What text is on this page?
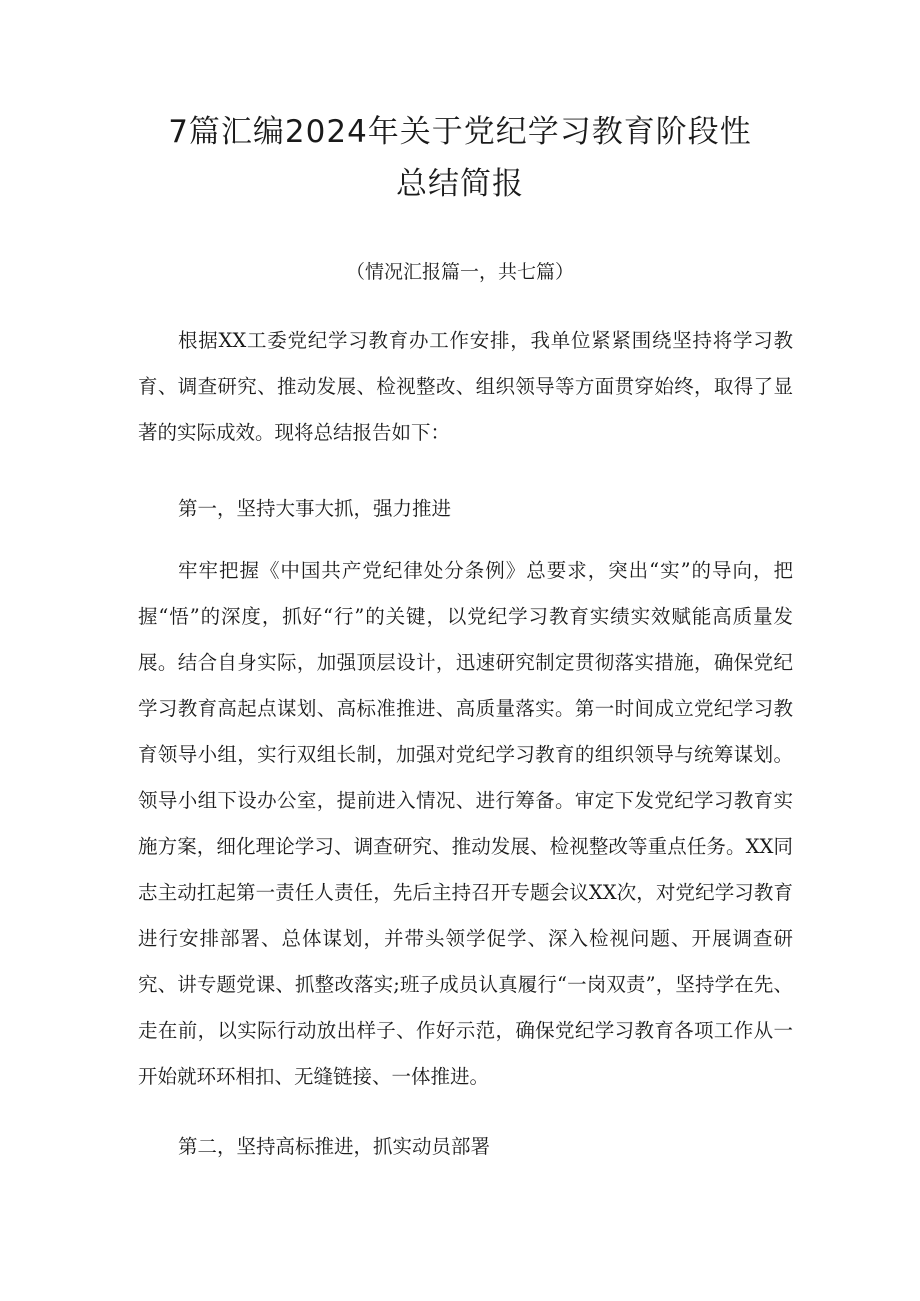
7篇汇编2024年关于党纪学习教育阶段性
总结简报
（情况汇报篇一，共七篇）

根据XX工委党纪学习教育办工作安排，我单位紧紧围绕坚持将学习教育、调查研究、推动发展、检视整改、组织领导等方面贯穿始终，取得了显著的实际成效。现将总结报告如下：

第一，坚持大事大抓，强力推进

牢牢把握《中国共产党纪律处分条例》总要求，突出“实”的导向，把握“悟”的深度，抓好“行”的关键，以党纪学习教育实绩实效赋能高质量发展。结合自身实际，加强顶层设计，迅速研究制定贯彻落实措施，确保党纪学习教育高起点谋划、高标准推进、高质量落实。第一时间成立党纪学习教育领导小组，实行双组长制，加强对党纪学习教育的组织领导与统筹谋划。领导小组下设办公室，提前进入情况、进行筹备。审定下发党纪学习教育实施方案，细化理论学习、调查研究、推动发展、检视整改等重点任务。XX同志主动扛起第一责任人责任，先后主持召开专题会议XX次，对党纪学习教育进行安排部署、总体谋划，并带头领学促学、深入检视问题、开展调查研究、讲专题党课、抓整改落实;班子成员认真履行“一岗双责”，坚持学在先、走在前，以实际行动放出样子、作好示范，确保党纪学习教育各项工作从一开始就环环相扣、无缝链接、一体推进。

第二，坚持高标推进，抓实动员部署
